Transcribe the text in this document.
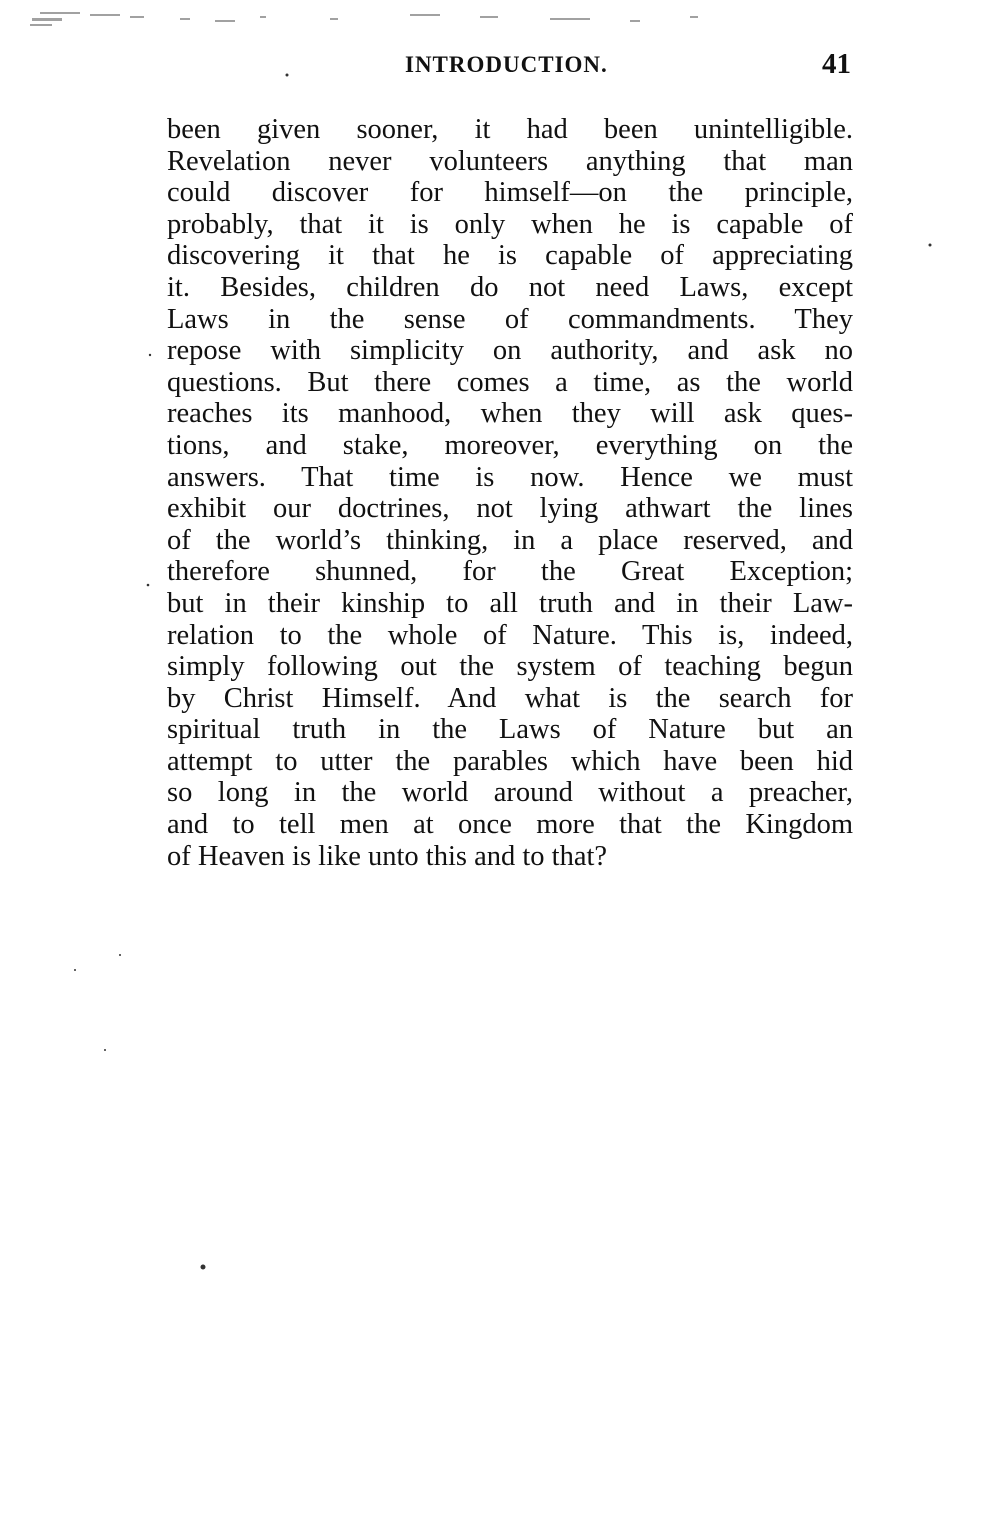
INTRODUCTION.	41
been given sooner, it had been unintelligible.
Revelation never volunteers anything that man
could discover for himself—on the principle,
probably, that it is only when he is capable of
discovering it that he is capable of appreciating
it. Besides, children do not need Laws, except
Laws in the sense of commandments. They
repose with simplicity on authority, and ask no
questions. But there comes a time, as the world
reaches its manhood, when they will ask ques-
tions, and stake, moreover, everything on the
answers. That time is now. Hence we must
exhibit our doctrines, not lying athwart the lines
of the world’s thinking, in a place reserved, and
therefore shunned, for the Great Exception;
but in their kinship to all truth and in their Law-
relation to the whole of Nature. This is, indeed,
simply following out the system of teaching begun
by Christ Himself. And what is the search for
spiritual truth in the Laws of Nature but an
attempt to utter the parables which have been hid
so long in the world around without a preacher,
and to tell men at once more that the Kingdom
of Heaven is like unto this and to that?
